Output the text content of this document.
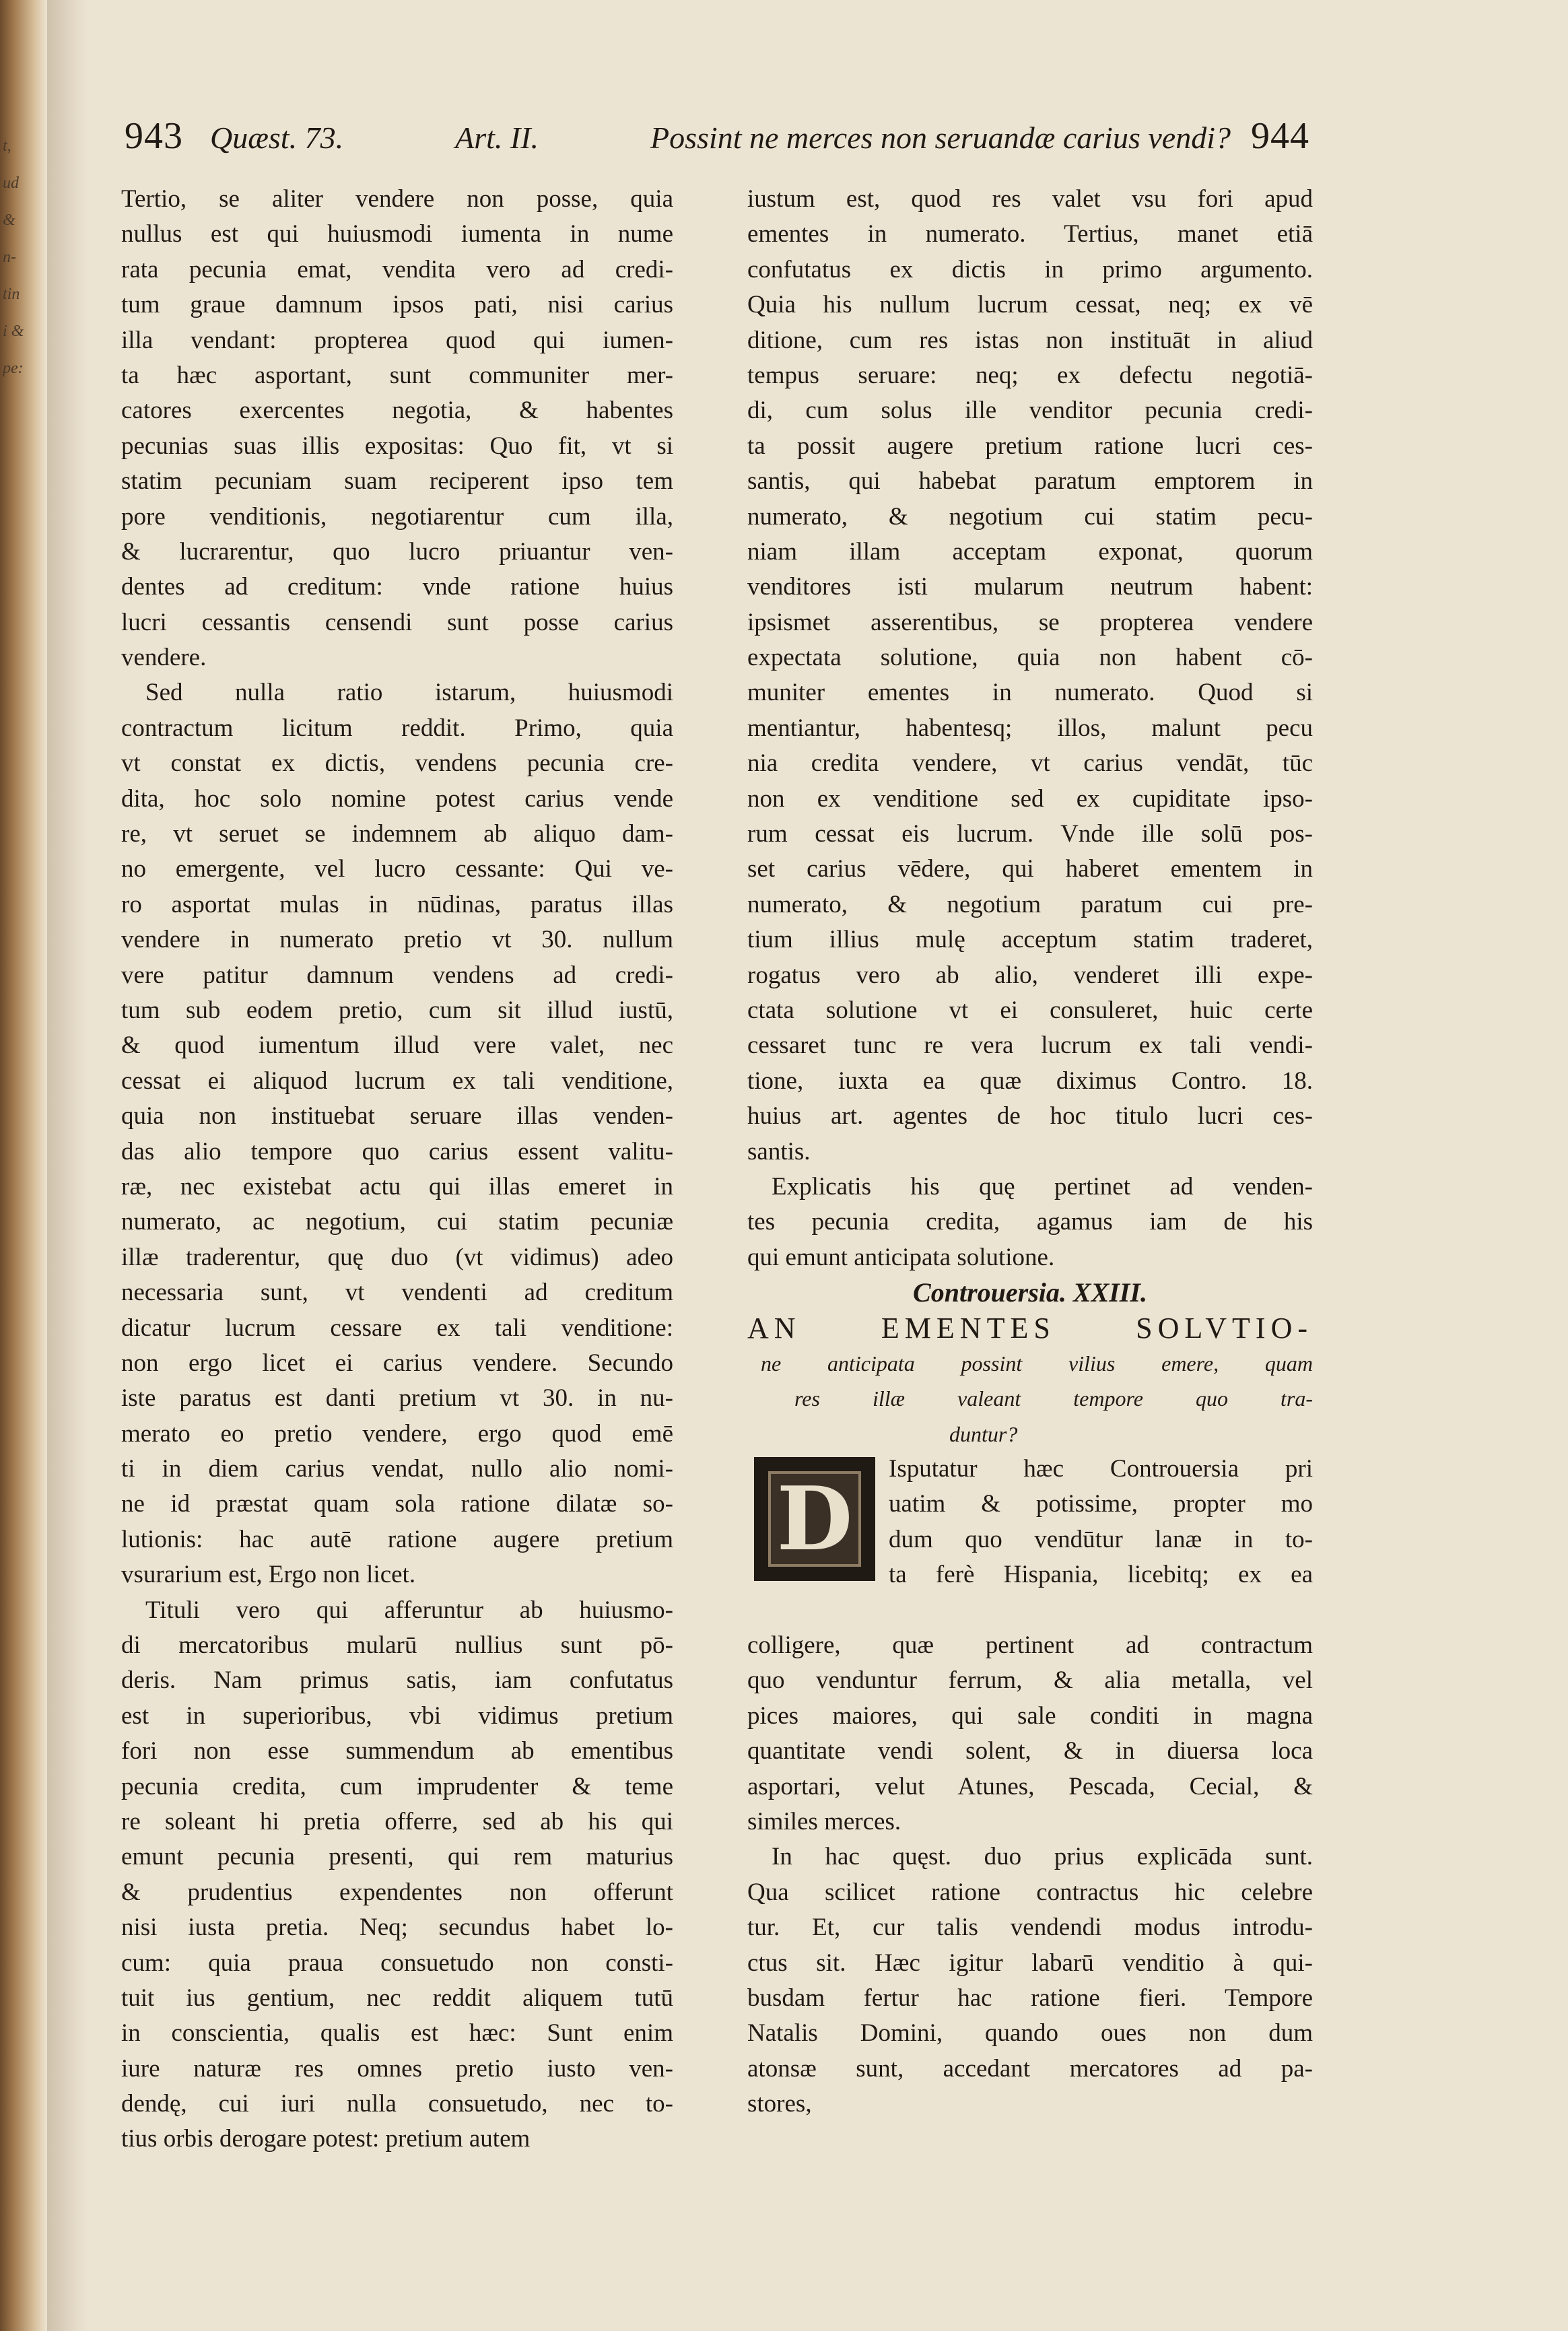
t,
ud
&
n-
tin
i &
pe:
943 Quæst. 73.	Art. II.	Possint ne merces non seruandæ carius vendi? 944
Tertio, se aliter vendere non posse, quia
nullus est qui huiusmodi iumenta in nume
rata pecunia emat, vendita vero ad credi-
tum graue damnum ipsos pati, nisi carius
illa vendant: propterea quod qui iumen-
ta hæc asportant, sunt communiter mer-
catores exercentes negotia, & habentes
pecunias suas illis expositas: Quo fit, vt si
statim pecuniam suam reciperent ipso tem
pore venditionis, negotiarentur cum illa,
& lucrarentur, quo lucro priuantur ven-
dentes ad creditum: vnde ratione huius
lucri cessantis censendi sunt posse carius
vendere.
Sed nulla ratio istarum, huiusmodi
contractum licitum reddit. Primo, quia
vt constat ex dictis, vendens pecunia cre-
dita, hoc solo nomine potest carius vende
re, vt seruet se indemnem ab aliquo dam-
no emergente, vel lucro cessante: Qui ve-
ro asportat mulas in nūdinas, paratus illas
vendere in numerato pretio vt 30. nullum
vere patitur damnum vendens ad credi-
tum sub eodem pretio, cum sit illud iustū,
& quod iumentum illud vere valet, nec
cessat ei aliquod lucrum ex tali venditione,
quia non instituebat seruare illas venden-
das alio tempore quo carius essent valitu-
ræ, nec existebat actu qui illas emeret in
numerato, ac negotium, cui statim pecuniæ
illæ traderentur, quę duo (vt vidimus) adeo
necessaria sunt, vt vendenti ad creditum
dicatur lucrum cessare ex tali venditione:
non ergo licet ei carius vendere. Secundo
iste paratus est danti pretium vt 30. in nu-
merato eo pretio vendere, ergo quod emē
ti in diem carius vendat, nullo alio nomi-
ne id præstat quam sola ratione dilatæ so-
lutionis: hac autē ratione augere pretium
vsurarium est, Ergo non licet.
Tituli vero qui afferuntur ab huiusmo-
di mercatoribus mularū nullius sunt pō-
deris. Nam primus satis, iam confutatus
est in superioribus, vbi vidimus pretium
fori non esse summendum ab ementibus
pecunia credita, cum imprudenter & teme
re soleant hi pretia offerre, sed ab his qui
emunt pecunia presenti, qui rem maturius
& prudentius expendentes non offerunt
nisi iusta pretia. Neq; secundus habet lo-
cum: quia praua consuetudo non consti-
tuit ius gentium, nec reddit aliquem tutū
in conscientia, qualis est hæc: Sunt enim
iure naturæ res omnes pretio iusto ven-
dendę, cui iuri nulla consuetudo, nec to-
tius orbis derogare potest: pretium autem
iustum est, quod res valet vsu fori apud
ementes in numerato. Tertius, manet etiā
confutatus ex dictis in primo argumento.
Quia his nullum lucrum cessat, neq; ex vē
ditione, cum res istas non instituāt in aliud
tempus seruare: neq; ex defectu negotiā-
di, cum solus ille venditor pecunia credi-
ta possit augere pretium ratione lucri ces-
santis, qui habebat paratum emptorem in
numerato, & negotium cui statim pecu-
niam illam acceptam exponat, quorum
venditores isti mularum neutrum habent:
ipsismet asserentibus, se propterea vendere
expectata solutione, quia non habent cō-
muniter ementes in numerato. Quod si
mentiantur, habentesq; illos, malunt pecu
nia credita vendere, vt carius vendāt, tūc
non ex venditione sed ex cupiditate ipso-
rum cessat eis lucrum. Vnde ille solū pos-
set carius vēdere, qui haberet ementem in
numerato, & negotium paratum cui pre-
tium illius mulę acceptum statim traderet,
rogatus vero ab alio, venderet illi expe-
ctata solutione vt ei consuleret, huic certe
cessaret tunc re vera lucrum ex tali vendi-
tione, iuxta ea quæ diximus Contro. 18.
huius art. agentes de hoc titulo lucri ces-
santis.
Explicatis his quę pertinet ad venden-
tes pecunia credita, agamus iam de his
qui emunt anticipata solutione.
Controuersia. XXIII.
AN EMENTES SOLVTIO-
ne anticipata possint vilius emere, quam
res illæ valeant tempore quo tra-
duntur?
D	Isputatur hæc Controuersia pri
uatim & potissime, propter mo
dum quo vendūtur lanæ in to-
ta ferè Hispania, licebitq; ex ea
colligere, quæ pertinent ad contractum
quo venduntur ferrum, & alia metalla, vel
pices maiores, qui sale conditi in magna
quantitate vendi solent, & in diuersa loca
asportari, velut Atunes, Pescada, Cecial, &
similes merces.
In hac quęst. duo prius explicāda sunt.
Qua scilicet ratione contractus hic celebre
tur. Et, cur talis vendendi modus introdu-
ctus sit. Hæc igitur labarū venditio à qui-
busdam fertur hac ratione fieri. Tempore
Natalis Domini, quando oues non dum
atonsæ sunt, accedant mercatores ad pa-
stores,
